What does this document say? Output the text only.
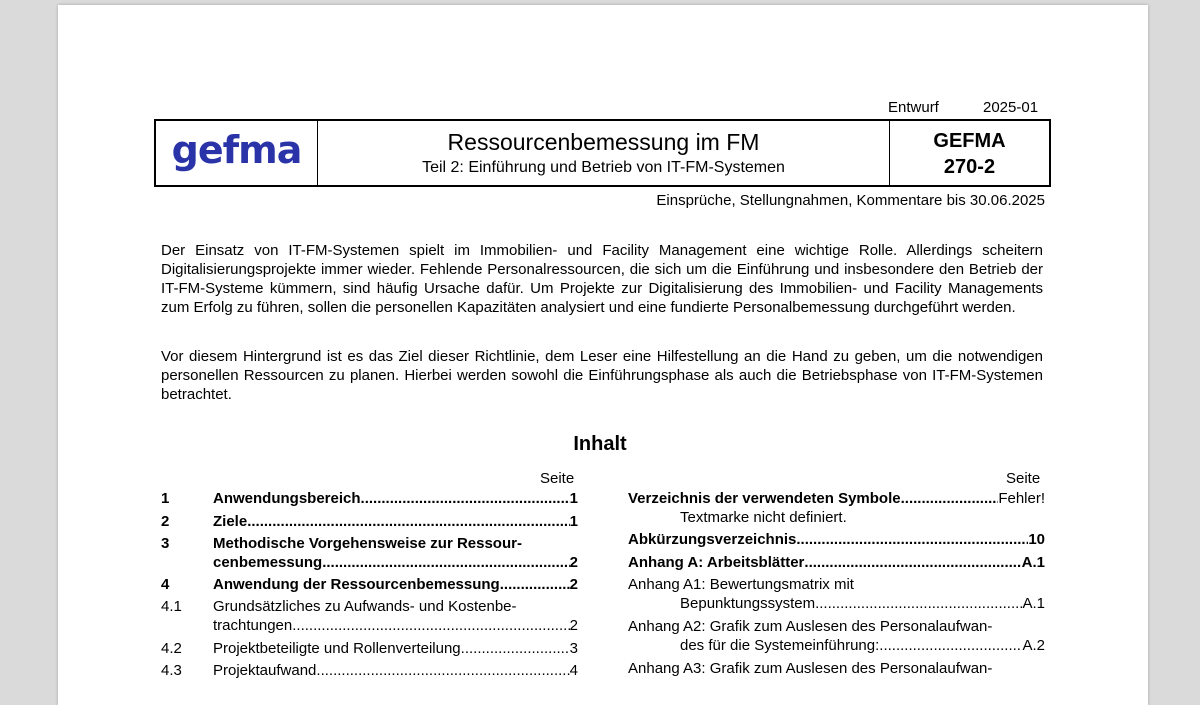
Entwurf	2025-01
gefma	Ressourcenbemessung im FM
Teil 2: Einführung und Betrieb von IT-FM-Systemen
GEFMA
270-2
Einsprüche, Stellungnahmen, Kommentare bis 30.06.2025
Der Einsatz von IT-FM-Systemen spielt im Immobilien- und Facility Management eine wichtige Rolle. Allerdings scheitern Digitalisierungsprojekte immer wieder. Fehlende Personalressourcen, die sich um die Einführung und insbesondere den Betrieb der IT-FM-Systeme kümmern, sind häufig Ursache dafür. Um Projekte zur Digitalisierung des Immobilien- und Facility Managements zum Erfolg zu führen, sollen die personellen Kapazitäten analysiert und eine fundierte Personalbemessung durchgeführt werden.
Vor diesem Hintergrund ist es das Ziel dieser Richtlinie, dem Leser eine Hilfestellung an die Hand zu geben, um die notwendigen personellen Ressourcen zu planen. Hierbei werden sowohl die Einführungsphase als auch die Betriebsphase von IT-FM-Systemen betrachtet.
Inhalt
Seite	Seite
1	Anwendungsbereich .....	1
2	Ziele .....	1
3	Methodische Vorgehensweise zur Ressour-
cenbemessung .....	2
4	Anwendung der Ressourcenbemessung .....	2
4.1 Grundsätzliches zu Aufwands- und Kostenbe-
trachtungen .....	2
4.2 Projektbeteiligte und Rollenverteilung .....	3
4.3 Projektaufwand .....	4
Verzeichnis der verwendeten Symbole .....	Fehler!
Textmarke nicht definiert.
Abkürzungsverzeichnis .....	10
Anhang A: Arbeitsblätter .....	A.1
Anhang A1: Bewertungsmatrix mit
Bepunktungssystem .....	A.1
Anhang A2: Grafik zum Auslesen des Personalaufwan-
des für die Systemeinführung: .....	A.2
Anhang A3: Grafik zum Auslesen des Personalaufwan-
